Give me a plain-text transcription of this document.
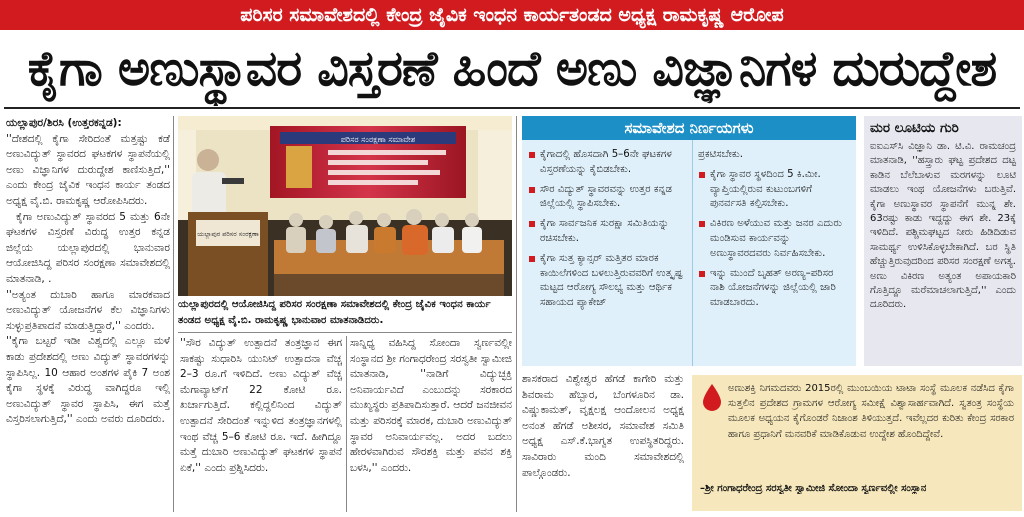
ಪರಿಸರ ಸಮಾವೇಶದಲ್ಲಿ ಕೇಂದ್ರ ಜೈವಿಕ ಇಂಧನ ಕಾರ್ಯತಂಡದ ಅಧ್ಯಕ್ಷ ರಾಮಕೃಷ್ಣ ಆರೋಪ
ಕೈಗಾ ಅಣುಸ್ಥಾವರ ವಿಸ್ತರಣೆ ಹಿಂದೆ ಅಣು ವಿಜ್ಞಾನಿಗಳ ದುರುದ್ದೇಶ

ಯಲ್ಲಾಪುರ/ಶಿರಸಿ (ಉತ್ತರಕನ್ನಡ):

''ದೇಶದಲ್ಲಿ ಕೈಗಾ ಸೇರಿದಂತೆ ಮತ್ತಷ್ಟು ಕಡೆ ಅಣುವಿದ್ಯುತ್ ಸ್ಥಾವರದ ಘಟಕಗಳ ಸ್ಥಾಪನೆಯಲ್ಲಿ ಅಣು ವಿಜ್ಞಾನಿಗಳ ದುರುದ್ದೇಶ ಕಾಣಿಸುತ್ತಿದೆ,'' ಎಂದು ಕೇಂದ್ರ ಜೈವಿಕ ಇಂಧನ ಕಾರ್ಯ ತಂಡದ ಅಧ್ಯಕ್ಷ ವೈ.ಬಿ. ರಾಮಕೃಷ್ಣ ಆರೋಪಿಸಿದರು.

ಕೈಗಾ ಅಣುವಿದ್ಯುತ್ ಸ್ಥಾವರದ 5 ಮತ್ತು 6ನೇ ಘಟಕಗಳ ವಿಸ್ತರಣೆ ವಿರುದ್ಧ ಉತ್ತರ ಕನ್ನಡ ಜಿಲ್ಲೆಯ ಯಲ್ಲಾಪುರದಲ್ಲಿ ಭಾನುವಾರ ಆಯೋಜಿಸಿದ್ದ ಪರಿಸರ ಸಂರಕ್ಷಣಾ ಸಮಾವೇಶದಲ್ಲಿ ಮಾತನಾಡಿ, .

''ಅತ್ಯಂತ ದುಬಾರಿ ಹಾಗೂ ಮಾರಕವಾದ ಅಣುವಿದ್ಯುತ್ ಯೋಜನೆಗಳ ಕೆಲ ವಿಜ್ಞಾನಿಗಳು ಸುಳ್ಳುಪ್ರತಿಪಾದನೆ ಮಾಡುತ್ತಿದ್ದಾರೆ,'' ಎಂದರು.

''ಕೈಗಾ ಬಟ್ಟರೆ ಇಡೀ ವಿಶ್ವದಲ್ಲಿ ಎಲ್ಲೂ ಮಳೆ ಕಾಡು ಪ್ರದೇಶದಲ್ಲಿ ಅಣು ವಿದ್ಯುತ್ ಸ್ಥಾವರಗಳನ್ನು ಸ್ಥಾಪಿಸಿಲ್ಲ. 10 ಆಹಾರ ಅಂಶಗಳ ಪೈಕಿ 7 ಅಂಶ ಕೈಗಾ ಸ್ಥಳಕ್ಕೆ ವಿರುದ್ಧ ವಾಗಿದ್ದರೂ ಇಲ್ಲಿ ಅಣುವಿದ್ಯುತ್ ಸ್ಥಾವರ ಸ್ಥಾಪಿಸಿ, ಈಗ ಮತ್ತೆ ವಿಸ್ತರಿಸಲಾಗುತ್ತಿದೆ,'' ಎಂದು ಅವರು ದೂರಿದರು.

ಪರಿಸರ ಸಂರಕ್ಷಣಾ ಸಮಾವೇಶ
ಯಲ್ಲಾಪುರ ಪರಿಸರ ಸಂರಕ್ಷಣಾ
ಯಲ್ಲಾಪುರದಲ್ಲಿ ಆಯೋಜಿಸಿದ್ದ ಪರಿಸರ ಸಂರಕ್ಷಣಾ ಸಮಾವೇಶದಲ್ಲಿ ಕೇಂದ್ರ ಜೈವಿಕ ಇಂಧನ ಕಾರ್ಯ ತಂಡದ ಅಧ್ಯಕ್ಷ ವೈ.ಬಿ. ರಾಮಕೃಷ್ಣ ಭಾನುವಾರ ಮಾತನಾಡಿದರು.

''ಸೌರ ವಿದ್ಯುತ್ ಉತ್ಪಾದನೆ ತಂತ್ರಜ್ಞಾನ ಈಗ ಸಾಕಷ್ಟು ಸುಧಾರಿಸಿ ಯುನಿಟ್ ಉತ್ಪಾದನಾ ವೆಚ್ಚ 2–3 ರೂ.ಗೆ ಇಳಿದಿದೆ. ಅಣು ವಿದ್ಯುತ್ ವೆಚ್ಚ ಮೆಗಾವ್ಯಾಟ್‌ಗೆ 22 ಕೋಟಿ ರೂ. ಖರ್ಚಾಗುತ್ತಿದೆ. ಕಲ್ಲಿದ್ದಲಿನಿಂದ ವಿದ್ಯುತ್ ಉತ್ಪಾದನೆ ಸೇರಿದಂತೆ ಇನ್ನುಳಿದ ತಂತ್ರಜ್ಞಾನಗಳಲ್ಲಿ ಇಂಥ ವೆಚ್ಚ 5–6 ಕೋಟಿ ರೂ. ಇದೆ. ಹೀಗಿದ್ದೂ ಮತ್ತೆ ದುಬಾರಿ ಅಣುವಿದ್ಯುತ್ ಘಟಕಗಳ ಸ್ಥಾಪನೆ ಏಕೆ,'' ಎಂದು ಪ್ರಶ್ನಿಸಿದರು.

ಸಾನ್ನಿಧ್ಯ ವಹಿಸಿದ್ದ ಸೋಂದಾ ಸ್ವರ್ಣವಲ್ಲೀ ಸಂಸ್ಥಾನದ ಶ್ರೀ ಗಂಗಾಧರೇಂದ್ರ ಸರಸ್ವತೀ ಸ್ವಾಮೀಜಿ ಮಾತನಾಡಿ, ''ನಾಡಿಗೆ ವಿದ್ಯುಚ್ಛಕ್ತಿ ಅನಿವಾರ್ಯವಿದೆ ಎಂಬುದನ್ನು ಸರಕಾರದ ಮುಖ್ಯಸ್ಥರು ಪ್ರತಿಪಾದಿಸುತ್ತಾರೆ. ಆದರೆ ಜನಜೀವನ ಮತ್ತು ಪರಿಸರಕ್ಕೆ ಮಾರಕ, ದುಬಾರಿ ಅಣುವಿದ್ಯುತ್ ಸ್ಥಾವರ ಅನಿವಾರ್ಯವಲ್ಲ. ಅದರ ಬದಲು ಹೇರಳವಾಗಿರುವ ಸೌರಶಕ್ತಿ ಮತ್ತು ಪವನ ಶಕ್ತಿ ಬಳಸಿ,'' ಎಂದರು.

ಸಮಾವೇಶದ ನಿರ್ಣಯಗಳು
ಕೈಗಾದಲ್ಲಿ ಹೊಸದಾಗಿ 5–6ನೇ ಘಟಕಗಳ ವಿಸ್ತರಣೆಯನ್ನು ಕೈಬಿಡಬೇಕು.
ಸೌರ ವಿದ್ಯುತ್ ಸ್ಥಾವರವನ್ನು ಉತ್ತರ ಕನ್ನಡ ಜಿಲ್ಲೆಯಲ್ಲಿ ಸ್ಥಾಪಿಸಬೇಕು.
ಕೈಗಾ ಸಾರ್ವಜನಿಕ ಸುರಕ್ಷಾ ಸಮಿತಿಯನ್ನು ರಚಿಸಬೇಕು.
ಕೈಗಾ ಸುತ್ತ ಕ್ಯಾನ್ಸರ್ ಮತ್ತಿತರ ಮಾರಕ ಕಾಯಿಲೆಗಳಿಂದ ಬಳಲುತ್ತಿರುವವರಿಗೆ ಉತ್ಕೃಷ್ಟ ಮಟ್ಟದ ಆರೋಗ್ಯ ಸೌಲಭ್ಯ ಮತ್ತು ಆರ್ಥಿಕ ಸಹಾಯದ ಪ್ಯಾಕೇಜ್
ಪ್ರಕಟಿಸಬೇಕು.
ಕೈಗಾ ಸ್ಥಾವರ ಸ್ಥಳದಿಂದ 5 ಕಿ.ಮೀ. ವ್ಯಾಪ್ತಿಯಲ್ಲಿರುವ ಕುಟುಂಬಗಳಿಗೆ ಪುನರ್ವಸತಿ ಕಲ್ಪಿಸಬೇಕು.
ವಿಕಿರಣ ಅಳೆಯುವ ಮತ್ತು ಜನರ ಎದುರು ಮಂಡಿಸುವ ಕಾರ್ಯವನ್ನು ಅಣುಸ್ಥಾವರದವರು ನಿರ್ವಹಿಸಬೇಕು.
ಇನ್ನು ಮುಂದೆ ಬೃಹತ್ ಅರಣ್ಯ–ಪರಿಸರ ನಾಶಿ ಯೋಜನೆಗಳನ್ನು ಜಿಲ್ಲೆಯಲ್ಲಿ ಜಾರಿ ಮಾಡಬಾರದು.

ಶಾಸಕರಾದ ವಿಶ್ವೇಶ್ವರ ಹೆಗಡೆ ಕಾಗೇರಿ ಮತ್ತು ಶಿವರಾಮ ಹೆಬ್ಬಾರ, ಬೆಂಗಳೂರಿನ ಡಾ. ವಿಷ್ಣುಕಾಮತ್, ವೃಕ್ಷಲಕ್ಷ ಆಂದೋಲನ ಅಧ್ಯಕ್ಷ ಅನಂತ ಹೆಗಡೆ ಅಶೀಸರ, ಸಮಾವೇಶ ಸಮಿತಿ ಅಧ್ಯಕ್ಷ ಎಸ್.ಕೆ.ಭಾಗ್ವತ ಉಪಸ್ಥಿತರಿದ್ದರು. ಸಾವಿರಾರು ಮಂದಿ ಸಮಾವೇಶದಲ್ಲಿ ಪಾಲ್ಗೊಂಡರು.

ಮರ ಲೂಟಿಯ ಗುರಿ
ಐಐಎಸ್‌ಸಿ ವಿಜ್ಞಾನಿ ಡಾ. ಟಿ.ವಿ. ರಾಮಚಂದ್ರ ಮಾತನಾಡಿ, ''ಹಸ್ತ್ರಾರು ಘಟ್ಟ ಪ್ರದೇಶದ ದಟ್ಟ ಕಾಡಿನ ಬೆಲೆಬಾಳುವ ಮರಗಳನ್ನು ಲೂಟಿ ಮಾಡಲು ಇಂಥ ಯೋಜನೆಗಳು ಬರುತ್ತಿವೆ. ಕೈಗಾ ಅಣುಸ್ಥಾವರ ಸ್ಥಾಪನೆಗೆ ಮುನ್ನ ಶೇ. 63ರಷ್ಟು ಕಾಡು ಇದ್ದದ್ದು ಈಗ ಶೇ. 23ಕ್ಕೆ ಇಳಿದಿದೆ. ಪಶ್ಚಿಮಘಟ್ಟದ ನೀರು ಹಿಡಿದಿಡುವ ಸಾಮರ್ಥ್ಯ ಉಳಿಸಿಕೊಳ್ಳಬೇಕಾಗಿದೆ. ಬರ ಸ್ಥಿತಿ ಹೆಚ್ಚುತ್ತಿರುವುದರಿಂದ ಪರಿಸರ ಸಂರಕ್ಷಣೆ ಅಗತ್ಯ. ಅಣು ವಿಕಿರಣ ಅತ್ಯಂತ ಅಪಾಯಕಾರಿ ಗೊತ್ತಿದ್ದೂ ಮರೆಮಾಚಲಾಗುತ್ತಿದೆ,'' ಎಂದು ದೂರಿದರು.
ಅಣುಶಕ್ತಿ ನಿಗಮದವರು 2015ರಲ್ಲಿ ಮುಂಬಯಿಯ ಟಾಟಾ ಸಂಸ್ಥೆ ಮೂಲಕ ನಡೆಸಿದ ಕೈಗಾ ಸುತ್ತಲಿನ ಪ್ರದೇಶದ ಗ್ರಾಮಗಳ ಆರೋಗ್ಯ ಸಮೀಕ್ಷೆ ವಿಶ್ವಾಸಾರ್ಹವಾಗಿದೆ. ಸ್ವತಂತ್ರ ಸಂಸ್ಥೆಯ ಮೂಲಕ ಅಧ್ಯಯನ ಕೈಗೊಂಡರೆ ನಿಜಾಂಶ ತಿಳಿಯುತ್ತದೆ. ಇವೆಲ್ಲದರ ಕುರಿತು ಕೇಂದ್ರ ಸರಕಾರ ಹಾಗೂ ಪ್ರಧಾನಿಗೆ ಮನವರಿಕೆ ಮಾಡಿಕೊಡುವ ಉದ್ದೇಶ ಹೊಂದಿದ್ದೇವೆ.
–ಶ್ರೀ ಗಂಗಾಧರೇಂದ್ರ ಸರಸ್ವತೀ ಸ್ವಾಮೀಜಿ ಸೋಂದಾ ಸ್ವರ್ಣವಲ್ಲೀ ಸಂಸ್ಥಾನ
